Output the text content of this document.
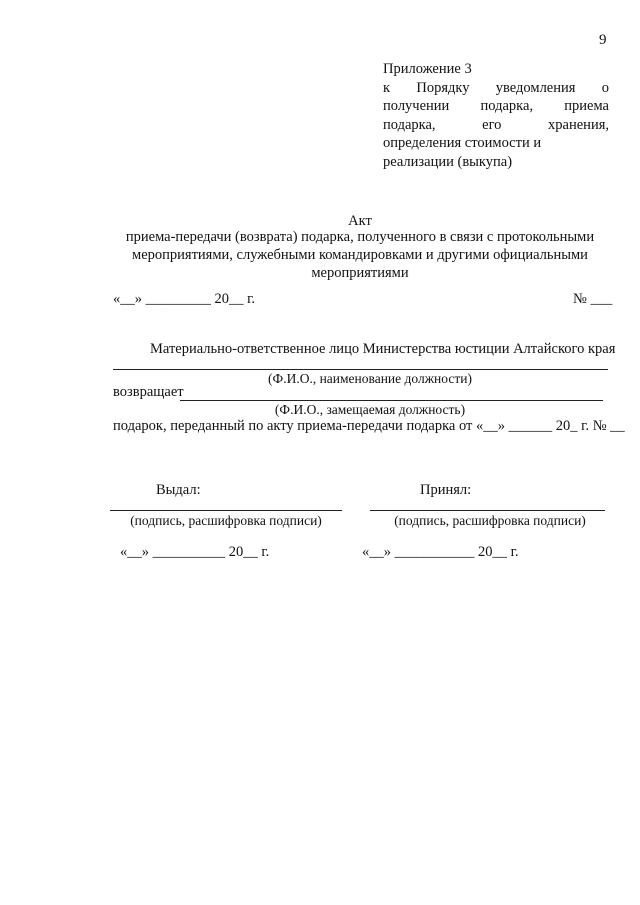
9
Приложение 3
к Порядку уведомления о
получении подарка, приема
подарка, его хранения,
определения стоимости и
реализации (выкупа)
Акт
приема-передачи (возврата) подарка, полученного в связи с протокольными мероприятиями, служебными командировками и другими официальными мероприятиями
«__» _________ 20__ г.	№ ___
Материально-ответственное лицо Министерства юстиции Алтайского края
(Ф.И.О., наименование должности)
возвращает
(Ф.И.О., замещаемая должность)
подарок, переданный по акту приема-передачи подарка от «__» ______ 20_ г. № __
Выдал:	Принял:
(подпись, расшифровка подписи)	(подпись, расшифровка подписи)
«__» __________ 20__ г.	«__» ___________ 20__ г.
